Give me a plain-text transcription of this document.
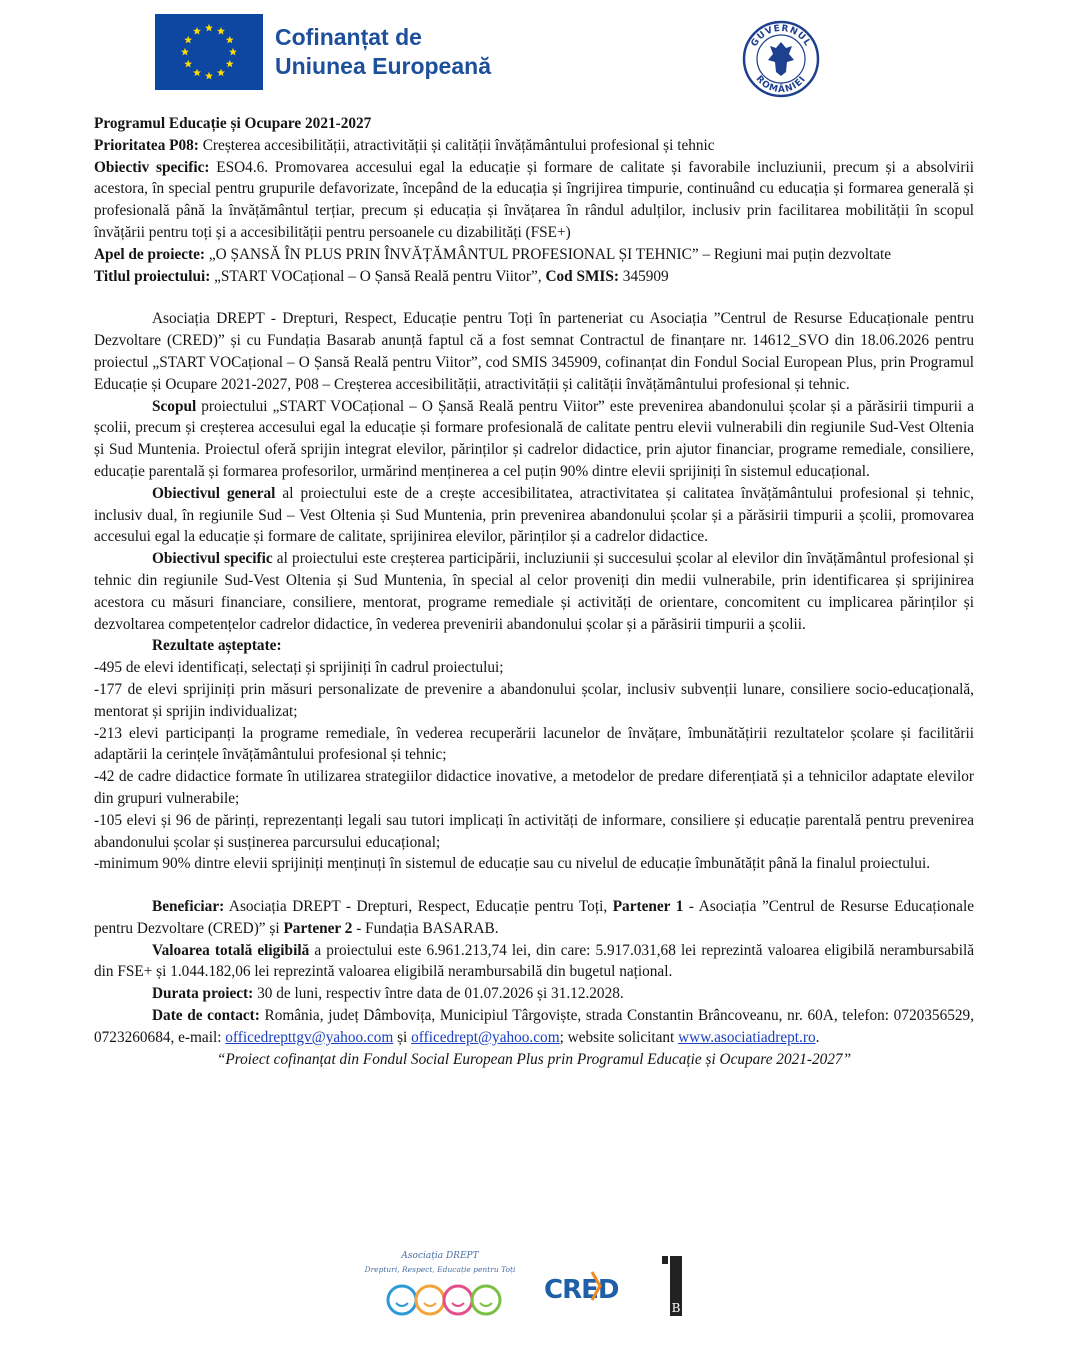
Cofinanțat de
Uniunea Europeană
GUVERNUL
ROMÂNIEI

Programul Educație și Ocupare 2021-2027

Prioritatea P08: Creșterea accesibilității, atractivității și calității învățământului profesional și tehnic

Obiectiv specific: ESO4.6. Promovarea accesului egal la educație și formare de calitate și favorabile incluziunii, precum și a absolvirii acestora, în special pentru grupurile defavorizate, începând de la educația și îngrijirea timpurie, continuând cu educația și formarea generală și profesională până la învățământul terțiar, precum și educația și învățarea în rândul adulților, inclusiv prin facilitarea mobilității în scopul învățării pentru toți și a accesibilității pentru persoanele cu dizabilități (FSE+)

Apel de proiecte: „O ȘANSĂ ÎN PLUS PRIN ÎNVĂȚĂMÂNTUL PROFESIONAL ȘI TEHNIC” – Regiuni mai puțin dezvoltate

Titlul proiectului: „START VOCațional – O Șansă Reală pentru Viitor”, Cod SMIS: 345909

Asociația DREPT - Drepturi, Respect, Educație pentru Toți în parteneriat cu Asociația ”Centrul de Resurse Educaționale pentru Dezvoltare (CRED)” și cu Fundația Basarab anunță faptul că a fost semnat Contractul de finanțare nr. 14612_SVO din 18.06.2026 pentru proiectul „START VOCațional – O Șansă Reală pentru Viitor”, cod SMIS 345909, cofinanțat din Fondul Social European Plus, prin Programul Educație și Ocupare 2021-2027, P08 – Creșterea accesibilității, atractivității și calității învățământului profesional și tehnic.

Scopul proiectului „START VOCațional – O Șansă Reală pentru Viitor” este prevenirea abandonului școlar și a părăsirii timpurii a școlii, precum și creșterea accesului egal la educație și formare profesională de calitate pentru elevii vulnerabili din regiunile Sud-Vest Oltenia și Sud Muntenia. Proiectul oferă sprijin integrat elevilor, părinților și cadrelor didactice, prin ajutor financiar, programe remediale, consiliere, educație parentală și formarea profesorilor, urmărind menținerea a cel puțin 90% dintre elevii sprijiniți în sistemul educațional.

Obiectivul general al proiectului este de a crește accesibilitatea, atractivitatea și calitatea învățământului profesional și tehnic, inclusiv dual, în regiunile Sud – Vest Oltenia și Sud Muntenia, prin prevenirea abandonului școlar și a părăsirii timpurii a școlii, promovarea accesului egal la educație și formare de calitate, sprijinirea elevilor, părinților și a cadrelor didactice.

Obiectivul specific al proiectului este creșterea participării, incluziunii și succesului școlar al elevilor din învățământul profesional și tehnic din regiunile Sud-Vest Oltenia și Sud Muntenia, în special al celor proveniți din medii vulnerabile, prin identificarea și sprijinirea acestora cu măsuri financiare, consiliere, mentorat, programe remediale și activități de orientare, concomitent cu implicarea părinților și dezvoltarea competențelor cadrelor didactice, în vederea prevenirii abandonului școlar și a părăsirii timpurii a școlii.

Rezultate așteptate:

-495 de elevi identificați, selectați și sprijiniți în cadrul proiectului;

-177 de elevi sprijiniți prin măsuri personalizate de prevenire a abandonului școlar, inclusiv subvenții lunare, consiliere socio-educațională, mentorat și sprijin individualizat;

-213 elevi participanți la programe remediale, în vederea recuperării lacunelor de învățare, îmbunătățirii rezultatelor școlare și facilitării adaptării la cerințele învățământului profesional și tehnic;

-42 de cadre didactice formate în utilizarea strategiilor didactice inovative, a metodelor de predare diferențiată și a tehnicilor adaptate elevilor din grupuri vulnerabile;

-105 elevi și 96 de părinți, reprezentanți legali sau tutori implicați în activități de informare, consiliere și educație parentală pentru prevenirea abandonului școlar și susținerea parcursului educațional;

-minimum 90% dintre elevii sprijiniți menținuți în sistemul de educație sau cu nivelul de educație îmbunătățit până la finalul proiectului.

Beneficiar: Asociația DREPT - Drepturi, Respect, Educație pentru Toți, Partener 1 - Asociația ”Centrul de Resurse Educaționale pentru Dezvoltare (CRED)” și Partener 2 - Fundația BASARAB.

Valoarea totală eligibilă a proiectului este 6.961.213,74 lei, din care: 5.917.031,68 lei reprezintă valoarea eligibilă nerambursabilă din FSE+ și 1.044.182,06 lei reprezintă valoarea eligibilă nerambursabilă din bugetul național.

Durata proiect: 30 de luni, respectiv între data de 01.07.2026 și 31.12.2028.

Date de contact: România, județ Dâmbovița, Municipiul Târgoviște, strada Constantin Brâncoveanu, nr. 60A, telefon: 0720356529, 0723260684, e-mail: officedrepttgv@yahoo.com și officedrept@yahoo.com; website solicitant www.asociatiadrept.ro.

“Proiect cofinanțat din Fondul Social European Plus prin Programul Educație și Ocupare 2021-2027”

Asociația DREPT
Drepturi, Respect, Educație pentru Toți
CRED
B
